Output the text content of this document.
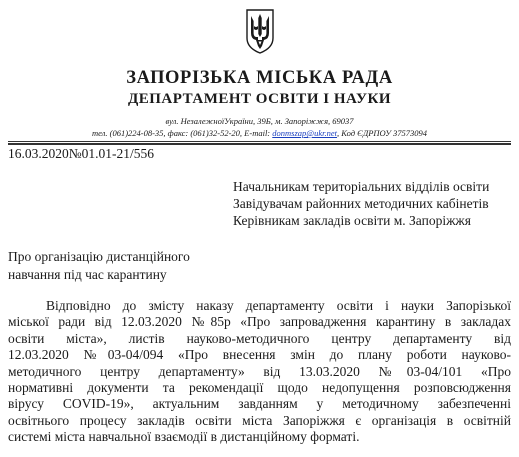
ЗАПОРІЗЬКА МІСЬКА РАДА
ДЕПАРТАМЕНТ ОСВІТИ І НАУКИ
вул. НезалежноїУкраїни, 39Б, м. Запоріжжя, 69037
тел. (061)224-08-35, факс: (061)32-52-20, E-mail: donmszap@ukr.net, Код ЄДРПОУ 37573094
16.03.2020№01.01-21/556
Начальникам територіальних відділів освіти
Завідувачам районних методичних кабінетів
Керівникам закладів освіти м. Запоріжжя
Про організацію дистанційного
навчання під час карантину
Відповідно до змісту наказу департаменту освіти і науки Запорізької
міської ради від 12.03.2020 №85р «Про запровадження карантину в закладах
освіти міста», листів науково-методичного центру департаменту від
12.03.2020 №03-04/094 «Про внесення змін до плану роботи науково-
методичного центру департаменту» від 13.03.2020 №03-04/101 «Про
нормативні документи та рекомендації щодо недопущення розповсюдження
вірусу COVID-19», актуальним завданням у методичному забезпеченні
освітнього процесу закладів освіти міста Запоріжжя є організація в освітній
системі міста навчальної взаємодії в дистанційному форматі.
